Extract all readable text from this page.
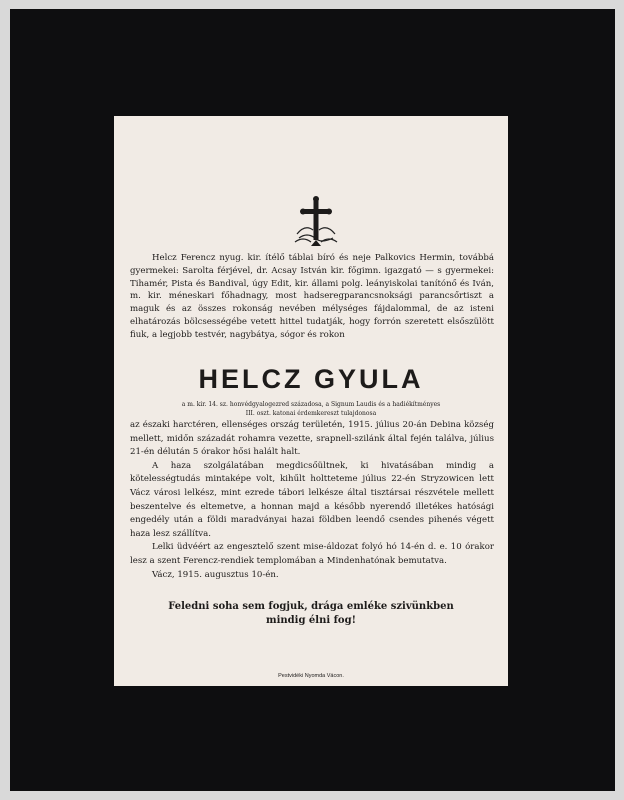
Helcz Ferencz nyug. kir. ítélő táblai bíró és neje Palkovics Hermin, továbbá gyermekei: Sarolta férjével, dr. Acsay István kir. főgimn. igazgató — s gyermekei: Tihamér, Pista és Bandival, úgy Edit, kir. állami polg. leányiskolai tanítónő és Iván, m. kir. méneskari főhadnagy, most hadseregparancsnoksági parancsőrtiszt a maguk és az összes rokonság nevében mélységes fájdalommal, de az isteni elhatározás bölcsességébe vetett hittel tudatják, hogy forrón szeretett elsőszülött fiuk, a legjobb testvér, nagybátya, sógor és rokon

HELCZ GYULA
a m. kir. 14. sz. honvédgyalogezred századosa, a Signum Laudis és a hadiékítményes
III. oszt. katonai érdemkereszt tulajdonosa

az északi harctéren, ellenséges ország területén, 1915. július 20-án Debina község mellett, midőn századát rohamra vezette, srapnell-szilánk által fején találva, július 21-én délután 5 órakor hősi halált halt.

A haza szolgálatában megdicsőültnek, ki hivatásában mindig a kötelességtudás mintaképe volt, kihűlt holtteteme július 22-én Stryzowicen lett Vácz városi lelkész, mint ezrede tábori lelkésze által tisztársai részvétele mellett beszentelve és eltemetve, a honnan majd a később nyerendő illetékes hatósági engedély után a földi maradványai hazai földben leendő csendes pihenés végett haza lesz szállítva.

Lelki üdvéért az engesztelő szent mise-áldozat folyó hó 14-én d. e. 10 órakor lesz a szent Ferencz-rendiek templomában a Mindenhatónak bemutatva.

Vácz, 1915. augusztus 10-én.

Feledni soha sem fogjuk, drága emléke szivünkben
mindig élni fog!
Pestvidéki Nyomda Vácon.
